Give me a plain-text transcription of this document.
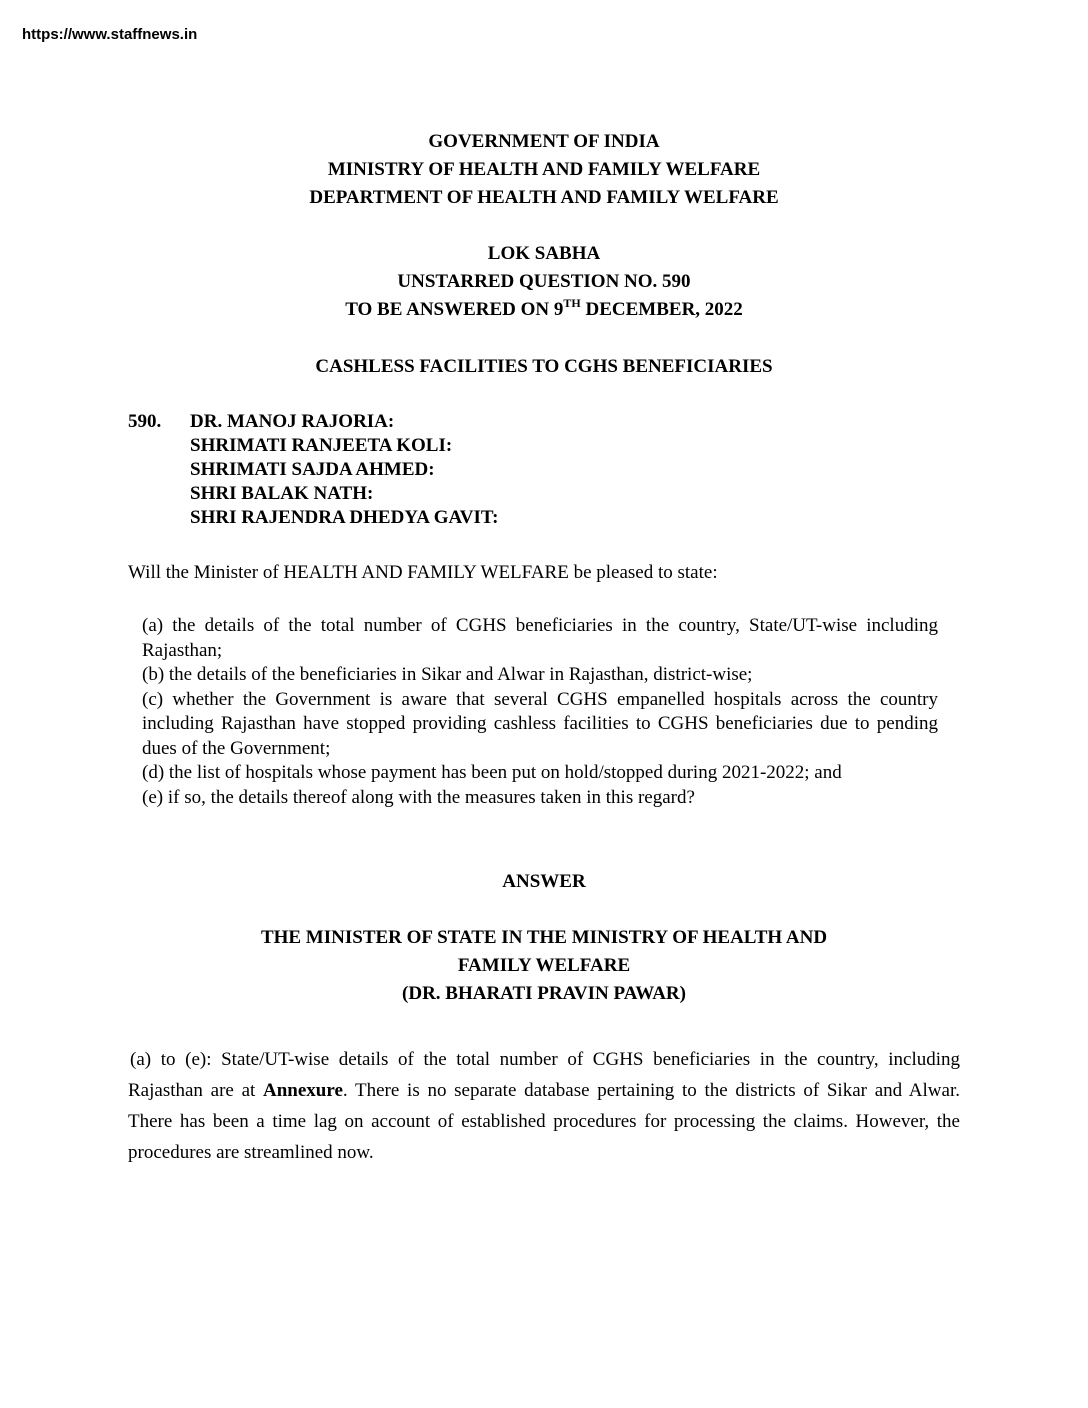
https://www.staffnews.in
GOVERNMENT OF INDIA
MINISTRY OF HEALTH AND FAMILY WELFARE
DEPARTMENT OF HEALTH AND FAMILY WELFARE
LOK SABHA
UNSTARRED QUESTION NO. 590
TO BE ANSWERED ON 9TH DECEMBER, 2022
CASHLESS FACILITIES TO CGHS BENEFICIARIES
590. DR. MANOJ RAJORIA:
SHRIMATI RANJEETA KOLI:
SHRIMATI SAJDA AHMED:
SHRI BALAK NATH:
SHRI RAJENDRA DHEDYA GAVIT:
Will the Minister of HEALTH AND FAMILY WELFARE be pleased to state:

(a) the details of the total number of CGHS beneficiaries in the country, State/UT-wise including Rajasthan;

(b) the details of the beneficiaries in Sikar and Alwar in Rajasthan, district-wise;

(c) whether the Government is aware that several CGHS empanelled hospitals across the country including Rajasthan have stopped providing cashless facilities to CGHS beneficiaries due to pending dues of the Government;

(d) the list of hospitals whose payment has been put on hold/stopped during 2021-2022; and

(e) if so, the details thereof along with the measures taken in this regard?

ANSWER
THE MINISTER OF STATE IN THE MINISTRY OF HEALTH AND
FAMILY WELFARE
(DR. BHARATI PRAVIN PAWAR)
(a) to (e): State/UT-wise details of the total number of CGHS beneficiaries in the country, including Rajasthan are at Annexure. There is no separate database pertaining to the districts of Sikar and Alwar. There has been a time lag on account of established procedures for processing the claims. However, the procedures are streamlined now.
